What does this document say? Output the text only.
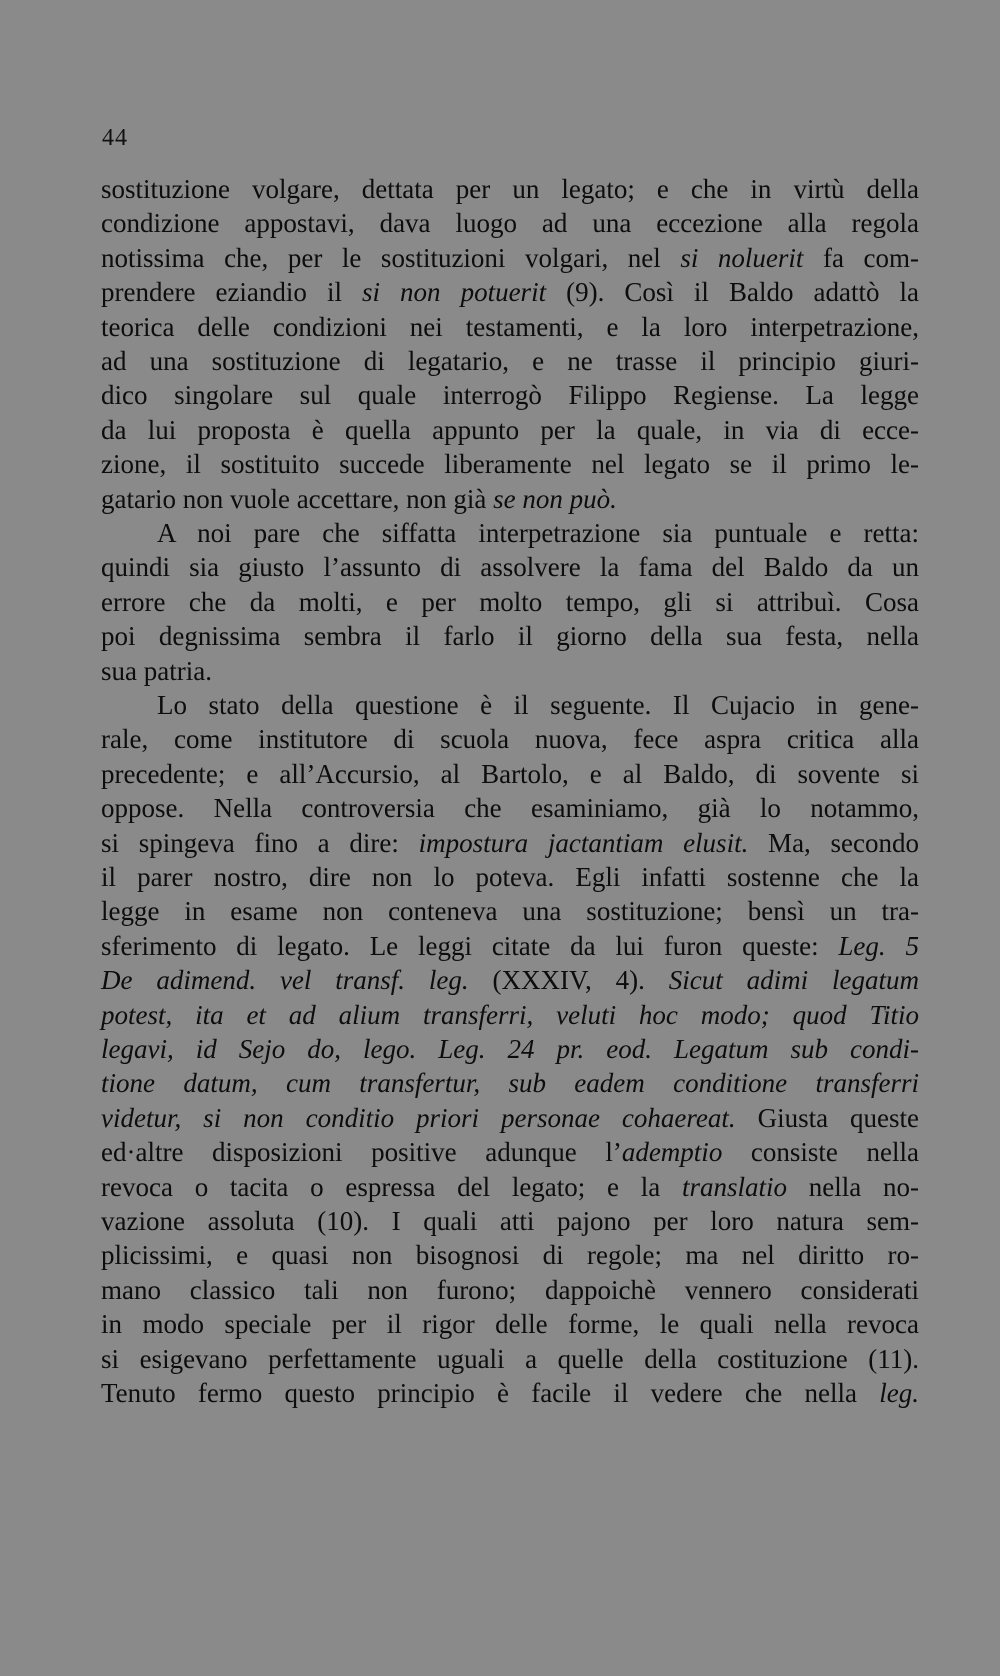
44
sostituzione volgare, dettata per un legato; e che in virtù della
condizione appostavi, dava luogo ad una eccezione alla regola
notissima che, per le sostituzioni volgari, nel si noluerit fa com-
prendere eziandio il si non potuerit (9). Così il Baldo adattò la
teorica delle condizioni nei testamenti, e la loro interpetrazione,
ad una sostituzione di legatario, e ne trasse il principio giuri-
dico singolare sul quale interrogò Filippo Regiense. La legge
da lui proposta è quella appunto per la quale, in via di ecce-
zione, il sostituito succede liberamente nel legato se il primo le-
gatario non vuole accettare, non già se non può.
A noi pare che siffatta interpetrazione sia puntuale e retta:
quindi sia giusto l’assunto di assolvere la fama del Baldo da un
errore che da molti, e per molto tempo, gli si attribuì. Cosa
poi degnissima sembra il farlo il giorno della sua festa, nella
sua patria.
Lo stato della questione è il seguente. Il Cujacio in gene-
rale, come institutore di scuola nuova, fece aspra critica alla
precedente; e all’Accursio, al Bartolo, e al Baldo, di sovente si
oppose. Nella controversia che esaminiamo, già lo notammo,
si spingeva fino a dire: impostura jactantiam elusit. Ma, secondo
il parer nostro, dire non lo poteva. Egli infatti sostenne che la
legge in esame non conteneva una sostituzione; bensì un tra-
sferimento di legato. Le leggi citate da lui furon queste: Leg. 5
De adimend. vel transf. leg. (XXXIV, 4). Sicut adimi legatum
potest, ita et ad alium transferri, veluti hoc modo; quod Titio
legavi, id Sejo do, lego. Leg. 24 pr. eod. Legatum sub condi-
tione datum, cum transfertur, sub eadem conditione transferri
videtur, si non conditio priori personae cohaereat. Giusta queste
ed·altre disposizioni positive adunque l’ademptio consiste nella
revoca o tacita o espressa del legato; e la translatio nella no-
vazione assoluta (10). I quali atti pajono per loro natura sem-
plicissimi, e quasi non bisognosi di regole; ma nel diritto ro-
mano classico tali non furono; dappoichè vennero considerati
in modo speciale per il rigor delle forme, le quali nella revoca
si esigevano perfettamente uguali a quelle della costituzione (11).
Tenuto fermo questo principio è facile il vedere che nella leg.
